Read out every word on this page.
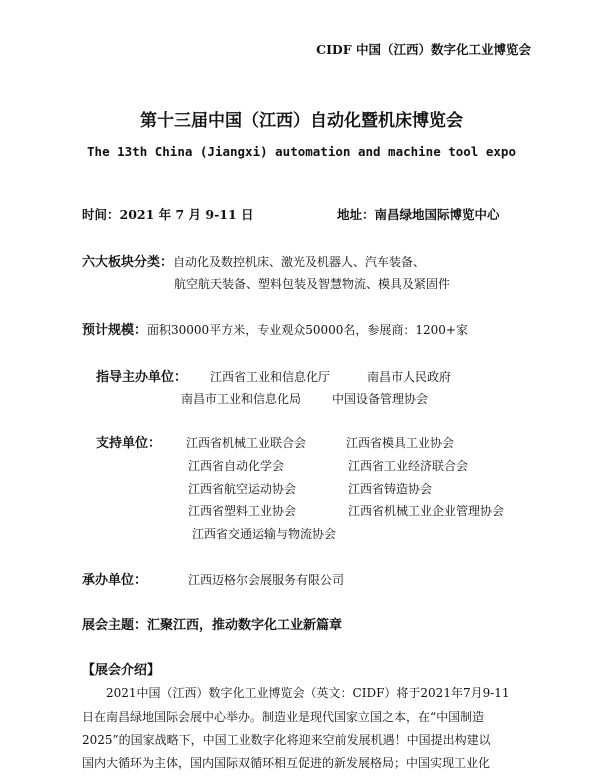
CIDF 中国（江西）数字化工业博览会
第十三届中国（江西）自动化暨机床博览会
The 13th China (Jiangxi) automation and machine tool expo
时间：2021 年 7 月 9-11 日	地址：南昌绿地国际博览中心
六大板块分类：自动化及数控机床、激光及机器人、汽车装备、
航空航天装备、塑料包装及智慧物流、模具及紧固件
预计规模：面积30000平方米，专业观众50000名，参展商：1200+家
指导主办单位： 江西省工业和信息化厅	南昌市人民政府
南昌市工业和信息化局	中国设备管理协会
支持单位： 江西省机械工业联合会	江西省模具工业协会
江西省自动化学会	江西省工业经济联合会
江西省航空运动协会	江西省铸造协会
江西省塑料工业协会	江西省机械工业企业管理协会
江西省交通运输与物流协会
承办单位：	江西迈格尔会展服务有限公司
展会主题：汇聚江西，推动数字化工业新篇章
【展会介绍】
2021中国（江西）数字化工业博览会（英文：CIDF）将于2021年7月9-11
日在南昌绿地国际会展中心举办。制造业是现代国家立国之本，在“中国制造
2025”的国家战略下，中国工业数字化将迎来空前发展机遇！中国提出构建以
国内大循环为主体，国内国际双循环相互促进的新发展格局；中国实现工业化
